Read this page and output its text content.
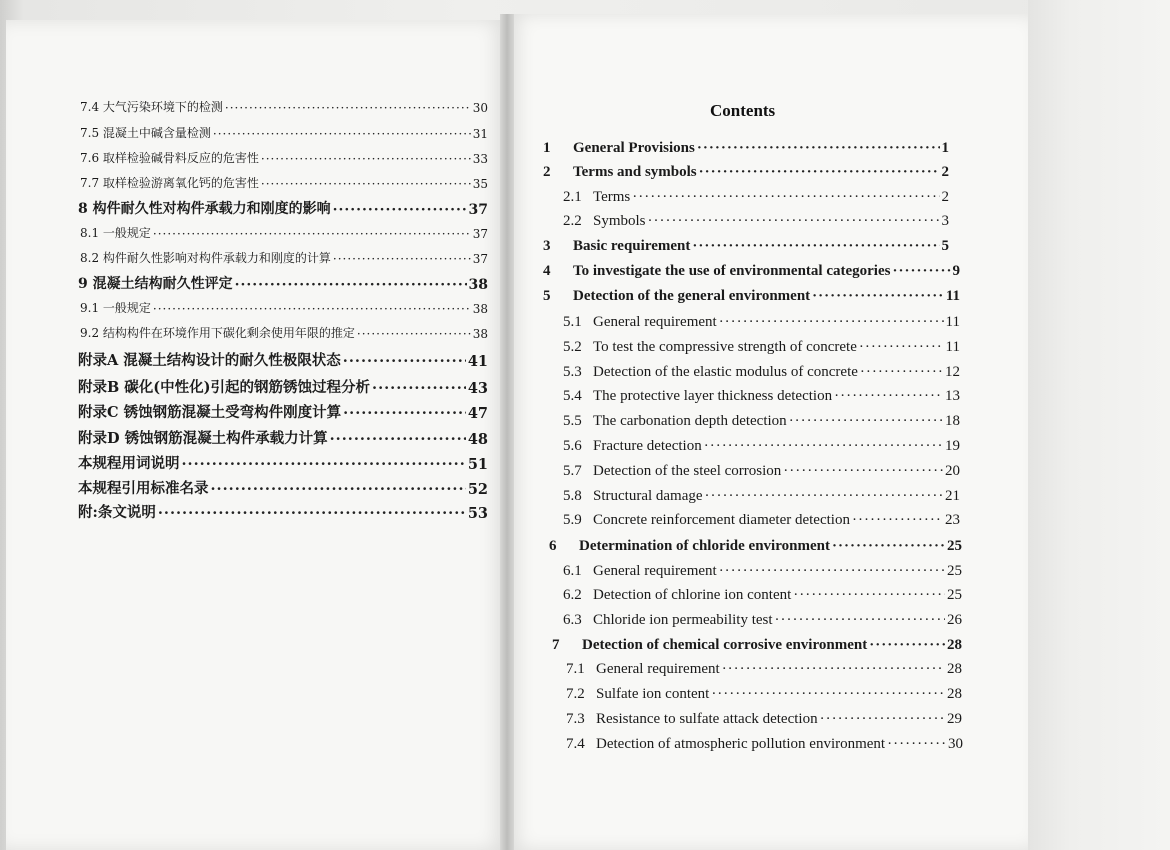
7.4 大气污染环境下的检测 ·····	30
7.5 混凝土中碱含量检测 ·····	31
7.6 取样检验碱骨料反应的危害性 ·····	33
7.7 取样检验游离氧化钙的危害性 ·····	35
8 构件耐久性对构件承载力和刚度的影响 ·····	37
8.1 一般规定 ·····	37
8.2 构件耐久性影响对构件承载力和刚度的计算 ·····	37
9 混凝土结构耐久性评定 ·····	38
9.1 一般规定 ·····	38
9.2 结构构件在环境作用下碳化剩余使用年限的推定 ·····	38
附录A 混凝土结构设计的耐久性极限状态 ·····	41
附录B 碳化(中性化)引起的钢筋锈蚀过程分析 ·····	43
附录C 锈蚀钢筋混凝土受弯构件刚度计算 ·····	47
附录D 锈蚀钢筋混凝土构件承载力计算 ·····	48
本规程用词说明 ·····	51
本规程引用标准名录 ·····	52
附:条文说明 ·····	53
Contents
1	General Provisions ·····	1
2	Terms and symbols ·····	2
2.1 Terms ·····	2
2.2 Symbols ·····	3
3	Basic requirement ·····	5
4	To investigate the use of environmental categories ·····	9
5	Detection of the general environment ·····	11
5.1 General requirement ·····	11
5.2 To test the compressive strength of concrete ·····	11
5.3 Detection of the elastic modulus of concrete ·····	12
5.4 The protective layer thickness detection ·····	13
5.5 The carbonation depth detection ·····	18
5.6 Fracture detection ·····	19
5.7 Detection of the steel corrosion ·····	20
5.8 Structural damage ·····	21
5.9 Concrete reinforcement diameter detection ·····	23
6	Determination of chloride environment ·····	25
6.1 General requirement ·····	25
6.2 Detection of chlorine ion content ·····	25
6.3 Chloride ion permeability test ·····	26
7	Detection of chemical corrosive environment ·····	28
7.1 General requirement ·····	28
7.2 Sulfate ion content ·····	28
7.3 Resistance to sulfate attack detection ·····	29
7.4 Detection of atmospheric pollution environment ·····	30
